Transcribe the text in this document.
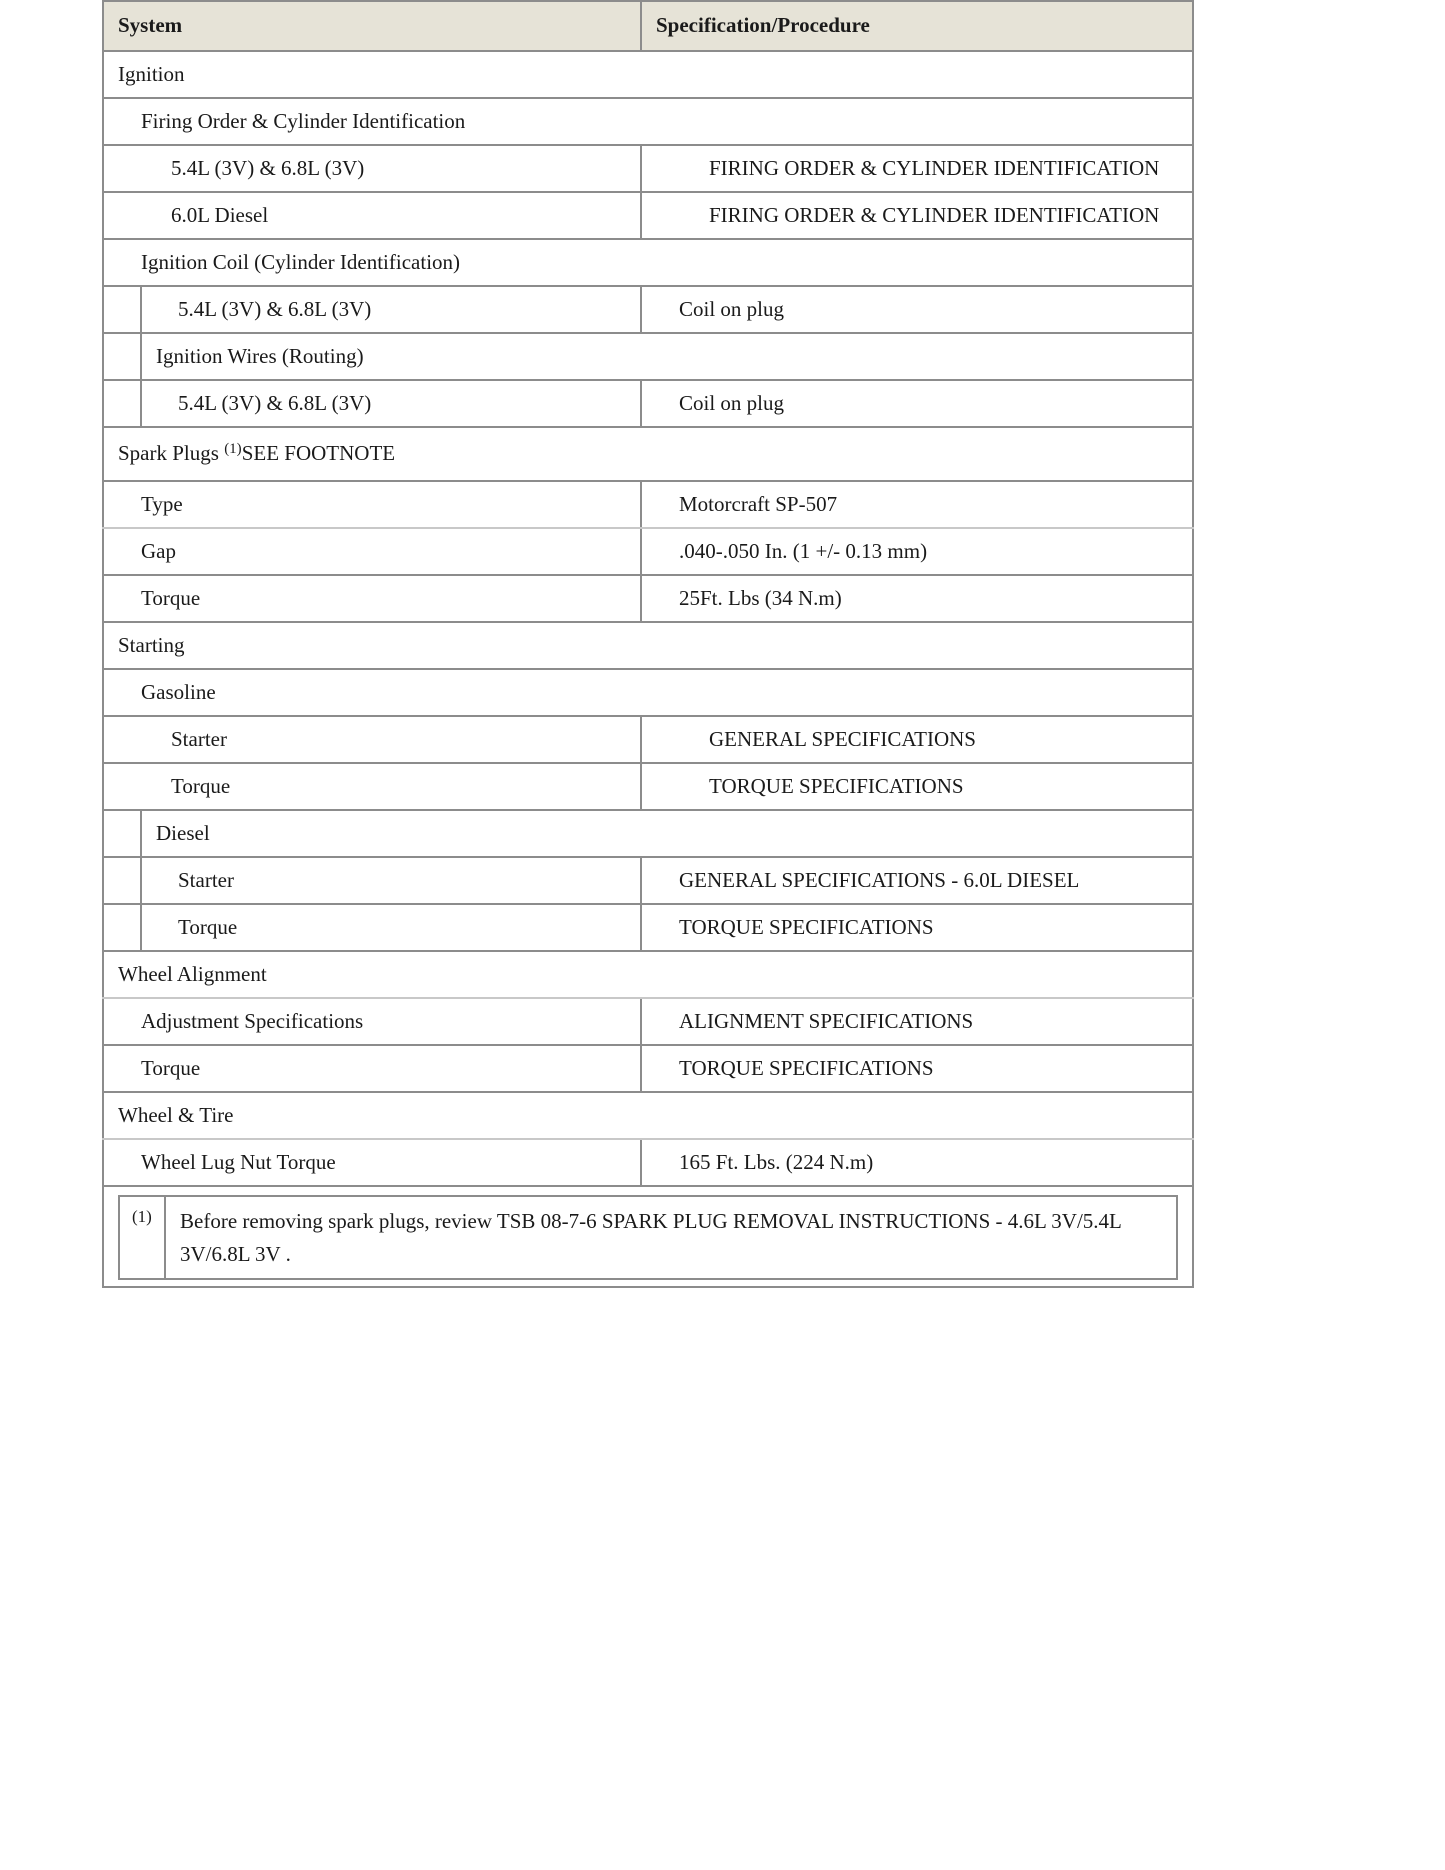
System	Specification/Procedure
Ignition
Firing Order & Cylinder Identification
5.4L (3V) & 6.8L (3V)	FIRING ORDER & CYLINDER IDENTIFICATION
6.0L Diesel	FIRING ORDER & CYLINDER IDENTIFICATION
Ignition Coil (Cylinder Identification)

5.4L (3V) & 6.8L (3V)	Coil on plug

Ignition Wires (Routing)

5.4L (3V) & 6.8L (3V)	Coil on plug
Spark Plugs $^{(1)}$SEE FOOTNOTE
Type	Motorcraft SP-507
Gap	.040-.050 In. (1 +/- 0.13 mm)
Torque	25Ft. Lbs (34 N.m)
Starting
Gasoline
Starter	GENERAL SPECIFICATIONS
Torque	TORQUE SPECIFICATIONS

Diesel

Starter	GENERAL SPECIFICATIONS - 6.0L DIESEL

Torque	TORQUE SPECIFICATIONS
Wheel Alignment
Adjustment Specifications	ALIGNMENT SPECIFICATIONS
Torque	TORQUE SPECIFICATIONS
Wheel & Tire
Wheel Lug Nut Torque	165 Ft. Lbs. (224 N.m)

(1)	Before removing spark plugs, review TSB 08-7-6 SPARK PLUG REMOVAL INSTRUCTIONS - 4.6L 3V/5.4L 3V/6.8L 3V .
